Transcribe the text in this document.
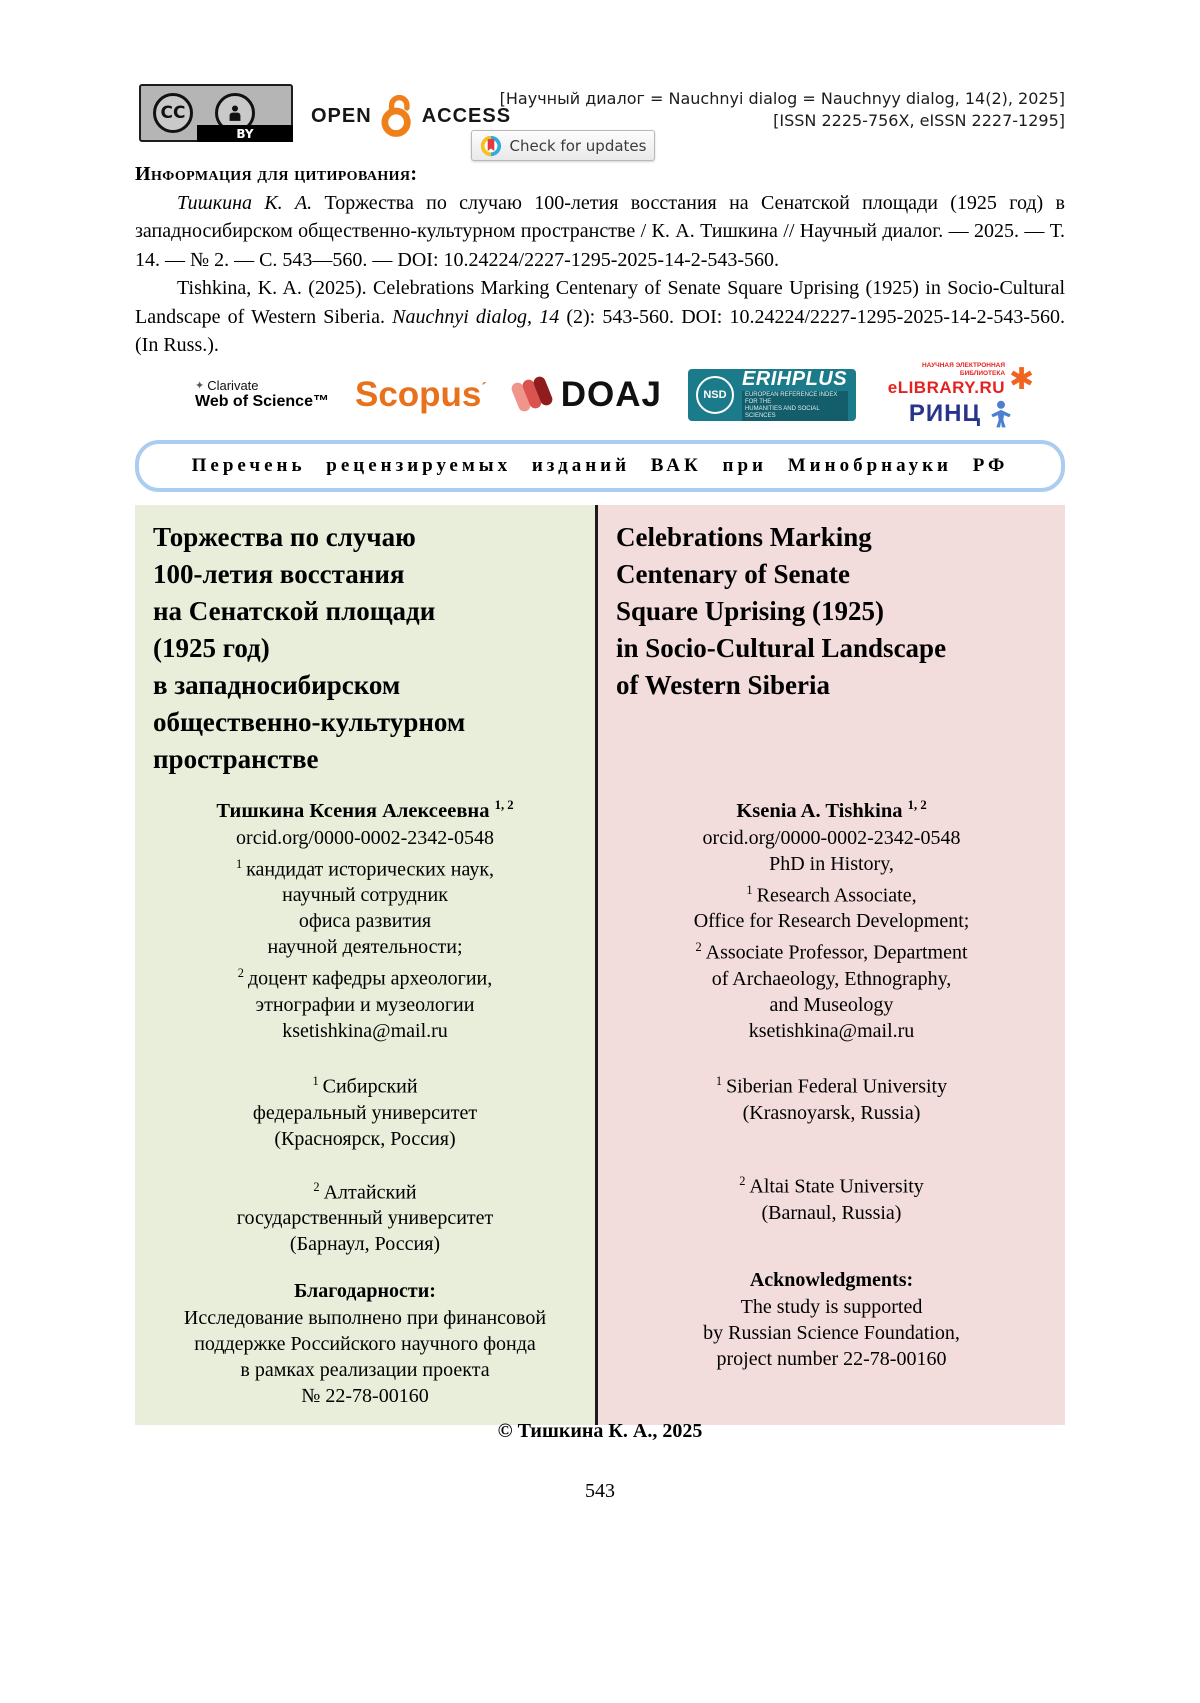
CC
BY
OPEN	ACCESS
[Научный диалог = Nauchnyi dialog = Nauchnyy dialog, 14(2), 2025]
[ISSN 2225-756X, eISSN 2227-1295]
Check for updates
Информация для цитирования:

Тишкина К. А. Торжества по случаю 100-летия восстания на Сенатской площади (1925 год) в западносибирском общественно-культурном пространстве / К. А. Тишкина // Научный диалог. — 2025. — Т. 14. — № 2. — С. 543—560. — DOI: 10.24224/2227-1295-2025-14-2-543-560.

Tishkina, K. A. (2025). Celebrations Marking Centenary of Senate Square Uprising (1925) in Socio-Cultural Landscape of Western Siberia. Nauchnyi dialog, 14 (2): 543-560. DOI: 10.24224/2227-1295-2025-14-2-543-560. (In Russ.).

✦ Clarivate
Web of Science™ Scopus´ DOAJ	NSD
ERIHPLUS
EUROPEAN REFERENCE INDEX FOR THE
HUMANITIES AND SOCIAL SCIENCES
НАУЧНАЯ ЭЛЕКТРОННАЯ
БИБЛИОТЕКА
eLIBRARY.RU ✱
РИНЦ
Перечень рецензируемых изданий ВАК при Минобрнауки РФ
Торжества по случаю
100-летия восстания
на Сенатской площади
(1925 год)
в западносибирском
общественно-культурном
пространстве
Тишкина Ксения Алексеевна $^{1, 2}$
orcid.org/0000-0002-2342-0548
$^1$ кандидат исторических наук,
научный сотрудник
офиса развития
научной деятельности;
$^2$ доцент кафедры археологии,
этнографии и музеологии
ksetishkina@mail.ru
$^1$ Сибирский
федеральный университет
(Красноярск, Россия)
$^2$ Алтайский
государственный университет
(Барнаул, Россия)
Благодарности:
Исследование выполнено при финансовой
поддержке Российского научного фонда
в рамках реализации проекта
№ 22-78-00160
Celebrations Marking
Centenary of Senate
Square Uprising (1925)
in Socio-Cultural Landscape
of Western Siberia
Ksenia A. Tishkina $^{1, 2}$
orcid.org/0000-0002-2342-0548
PhD in History,
$^1$ Research Associate,
Office for Research Development;
$^2$ Associate Professor, Department
of Archaeology, Ethnography,
and Museology
ksetishkina@mail.ru
$^1$ Siberian Federal University
(Krasnoyarsk, Russia)
$^2$ Altai State University
(Barnaul, Russia)
Acknowledgments:
The study is supported
by Russian Science Foundation,
project number 22-78-00160
© Тишкина К. А., 2025
543
